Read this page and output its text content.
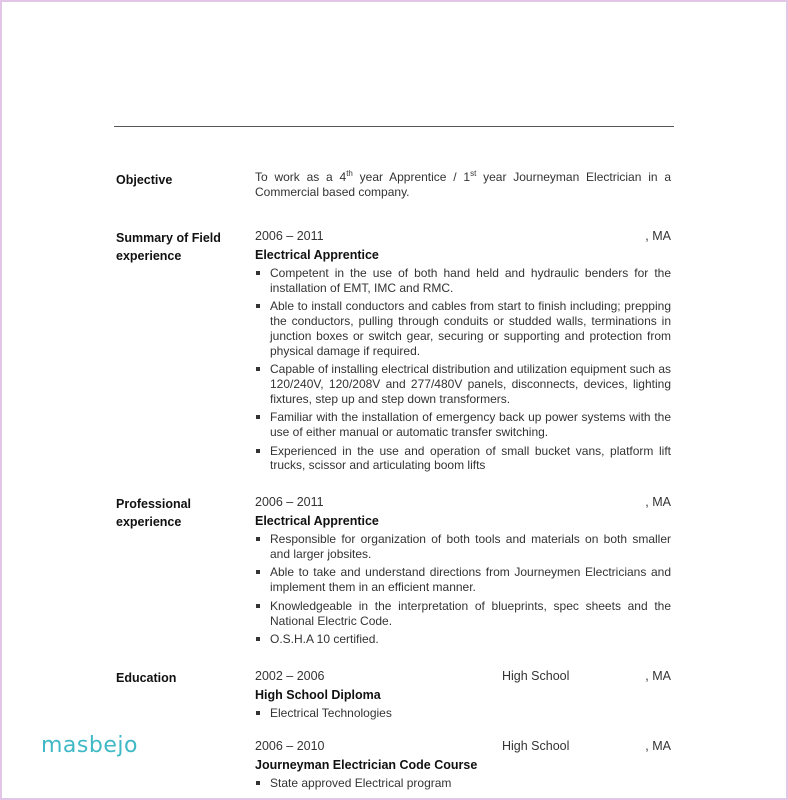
Objective	To work as a 4th year Apprentice / 1st year Journeyman Electrician in a Commercial based company.
Summary of Field
experience
2006 – 2011	, MA
Electrical Apprentice
Competent in the use of both hand held and hydraulic benders for the installation of EMT, IMC and RMC.
Able to install conductors and cables from start to finish including; prepping the conductors, pulling through conduits or studded walls, terminations in junction boxes or switch gear, securing or supporting and protection from physical damage if required.
Capable of installing electrical distribution and utilization equipment such as 120/240V, 120/208V and 277/480V panels, disconnects, devices, lighting fixtures, step up and step down transformers.
Familiar with the installation of emergency back up power systems with the use of either manual or automatic transfer switching.
Experienced in the use and operation of small bucket vans, platform lift trucks, scissor and articulating boom lifts
Professional
experience
2006 – 2011	, MA
Electrical Apprentice
Responsible for organization of both tools and materials on both smaller and larger jobsites.
Able to take and understand directions from Journeymen Electricians and implement them in an efficient manner.
Knowledgeable in the interpretation of blueprints, spec sheets and the National Electric Code.
O.S.H.A 10 certified.
Education	2002 – 2006	High School	, MA
High School Diploma
Electrical Technologies
2006 – 2010	High School	, MA
Journeyman Electrician Code Course
State approved Electrical program
masbejo
